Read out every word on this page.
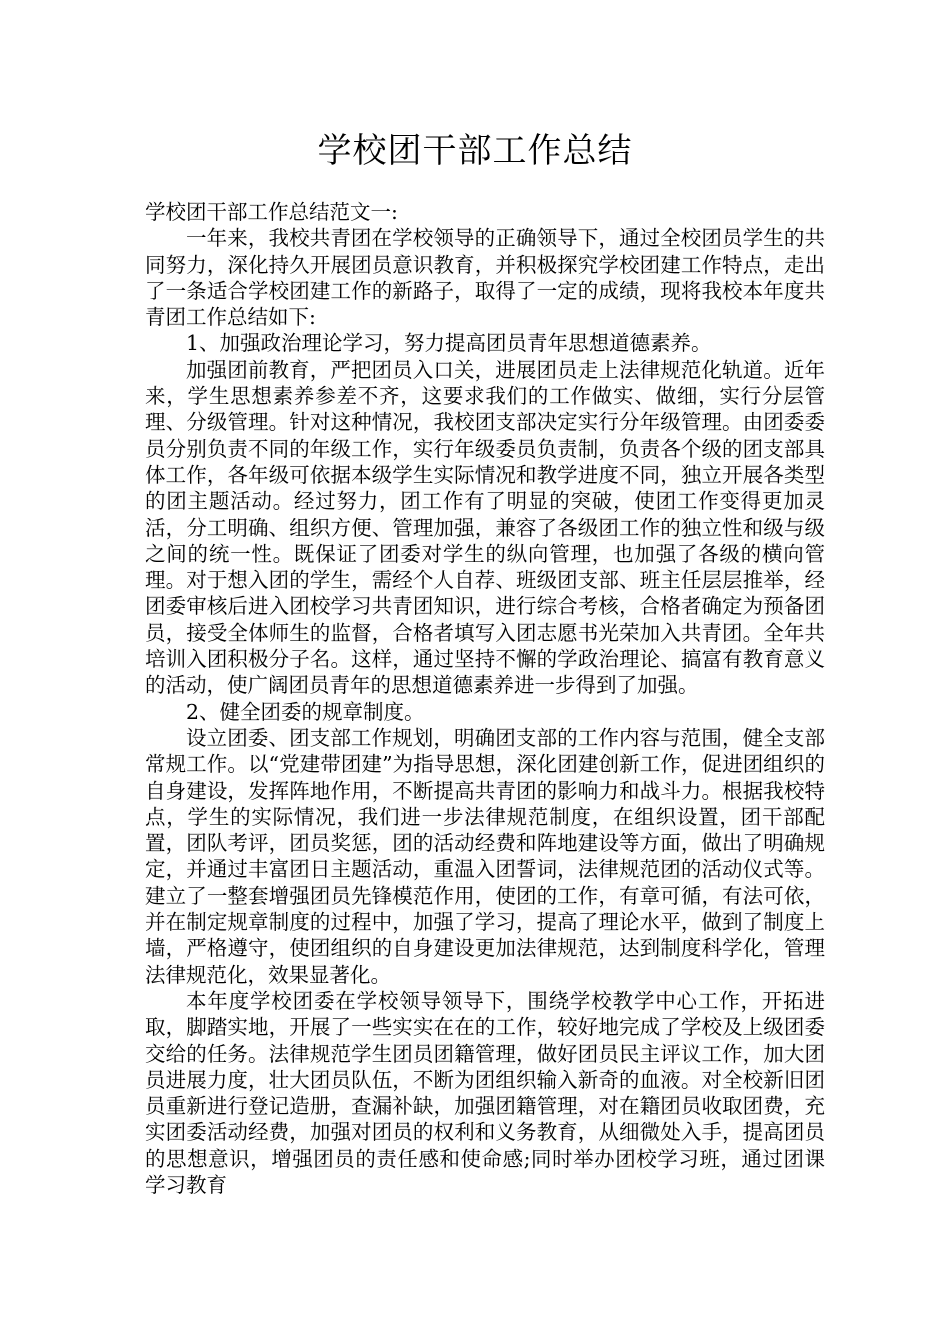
学校团干部工作总结

学校团干部工作总结范文一:

一年来，我校共青团在学校领导的正确领导下，通过全校团员学生的共同努力，深化持久开展团员意识教育，并积极探究学校团建工作特点，走出了一条适合学校团建工作的新路子，取得了一定的成绩，现将我校本年度共青团工作总结如下:

1、加强政治理论学习，努力提高团员青年思想道德素养。

加强团前教育，严把团员入口关，进展团员走上法律规范化轨道。近年来，学生思想素养参差不齐，这要求我们的工作做实、做细，实行分层管理、分级管理。针对这种情况，我校团支部决定实行分年级管理。由团委委员分别负责不同的年级工作，实行年级委员负责制，负责各个级的团支部具体工作，各年级可依据本级学生实际情况和教学进度不同，独立开展各类型的团主题活动。经过努力，团工作有了明显的突破，使团工作变得更加灵活，分工明确、组织方便、管理加强，兼容了各级团工作的独立性和级与级之间的统一性。既保证了团委对学生的纵向管理，也加强了各级的横向管理。对于想入团的学生，需经个人自荐、班级团支部、班主任层层推举，经团委审核后进入团校学习共青团知识，进行综合考核，合格者确定为预备团员，接受全体师生的监督，合格者填写入团志愿书光荣加入共青团。全年共培训入团积极分子名。这样，通过坚持不懈的学政治理论、搞富有教育意义的活动，使广阔团员青年的思想道德素养进一步得到了加强。

2、健全团委的规章制度。

设立团委、团支部工作规划，明确团支部的工作内容与范围，健全支部常规工作。以“党建带团建”为指导思想，深化团建创新工作，促进团组织的自身建设，发挥阵地作用，不断提高共青团的影响力和战斗力。根据我校特点，学生的实际情况，我们进一步法律规范制度，在组织设置，团干部配置，团队考评，团员奖惩，团的活动经费和阵地建设等方面，做出了明确规定，并通过丰富团日主题活动，重温入团誓词，法律规范团的活动仪式等。建立了一整套增强团员先锋模范作用，使团的工作，有章可循，有法可依，并在制定规章制度的过程中，加强了学习，提高了理论水平，做到了制度上墙，严格遵守，使团组织的自身建设更加法律规范，达到制度科学化，管理法律规范化，效果显著化。

本年度学校团委在学校领导领导下，围绕学校教学中心工作，开拓进取，脚踏实地，开展了一些实实在在的工作，较好地完成了学校及上级团委交给的任务。法律规范学生团员团籍管理，做好团员民主评议工作，加大团员进展力度，壮大团员队伍，不断为团组织输入新奇的血液。对全校新旧团员重新进行登记造册，查漏补缺，加强团籍管理，对在籍团员收取团费，充实团委活动经费，加强对团员的权利和义务教育，从细微处入手，提高团员的思想意识，增强团员的责任感和使命感;同时举办团校学习班，通过团课学习教育
